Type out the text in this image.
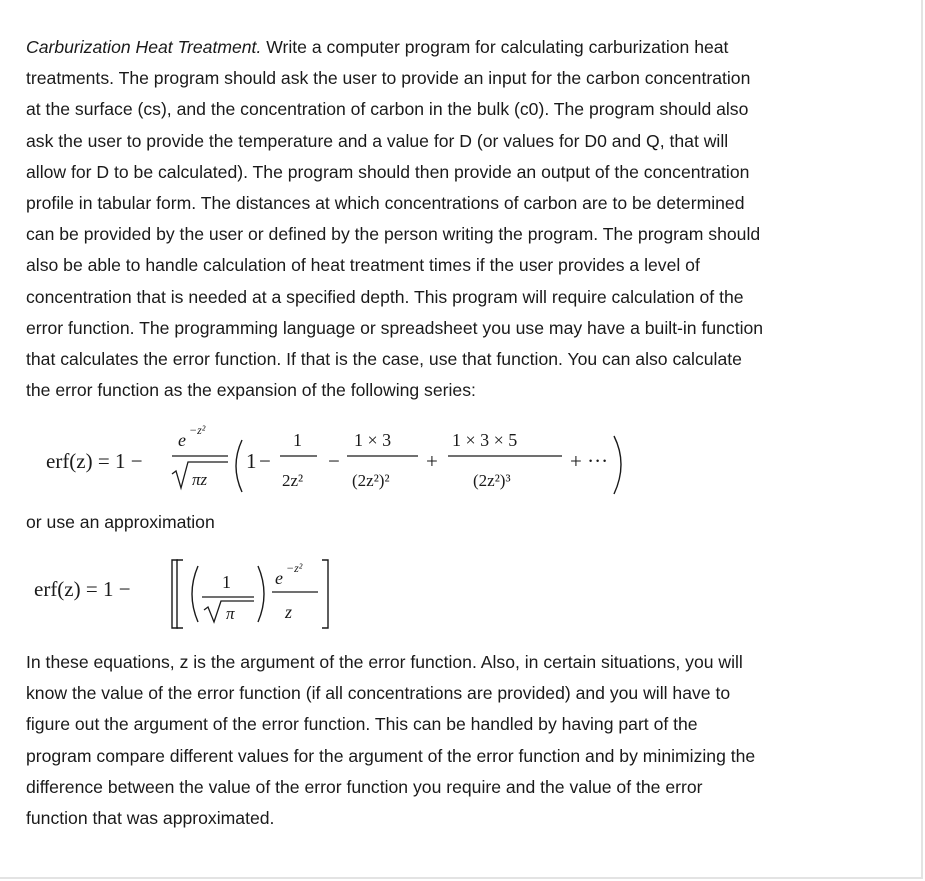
Carburization Heat Treatment. Write a computer program for calculating carburization heat
treatments. The program should ask the user to provide an input for the carbon concentration
at the surface (cs), and the concentration of carbon in the bulk (c0). The program should also
ask the user to provide the temperature and a value for D (or values for D0 and Q, that will
allow for D to be calculated). The program should then provide an output of the concentration
profile in tabular form. The distances at which concentrations of carbon are to be determined
can be provided by the user or defined by the person writing the program. The program should
also be able to handle calculation of heat treatment times if the user provides a level of
concentration that is needed at a specified depth. This program will require calculation of the
error function. The programming language or spreadsheet you use may have a built-in function
that calculates the error function. If that is the case, use that function. You can also calculate
the error function as the expansion of the following series:
erf(z) = 1 −
e −z²
πz
1 −
1
2z²
−
1 × 3
(2z²)²
+
1 × 3 × 5
(2z²)³
+ ···
erf(z) = 1 −	1
π
e −z²
z
or use an approximation
In these equations, z is the argument of the error function. Also, in certain situations, you will
know the value of the error function (if all concentrations are provided) and you will have to
figure out the argument of the error function. This can be handled by having part of the
program compare different values for the argument of the error function and by minimizing the
difference between the value of the error function you require and the value of the error
function that was approximated.
